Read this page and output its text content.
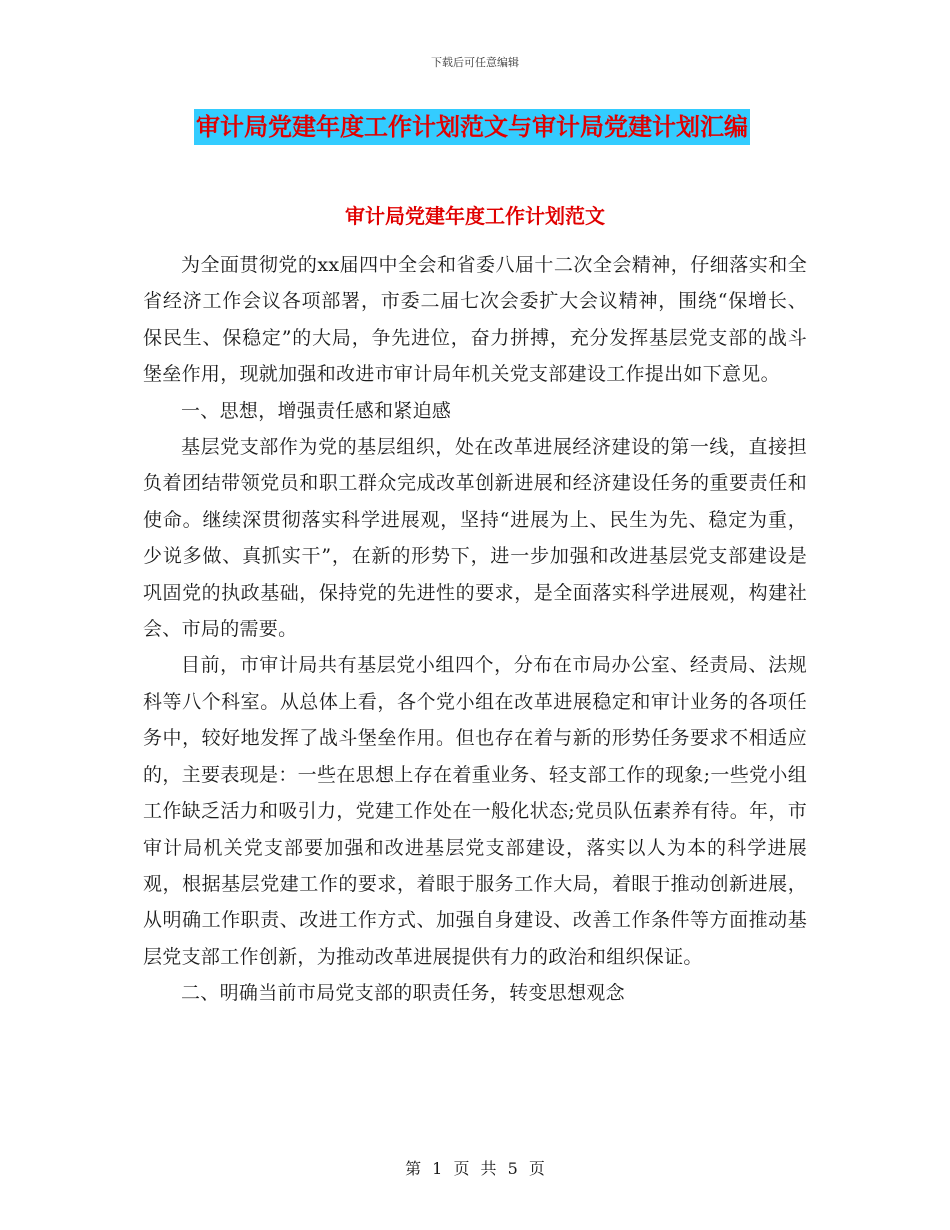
下载后可任意编辑
审计局党建年度工作计划范文与审计局党建计划汇编
审计局党建年度工作计划范文

为全面贯彻党的xx届四中全会和省委八届十二次全会精神，仔细落实和全省经济工作会议各项部署，市委二届七次会委扩大会议精神，围绕“保增长、保民生、保稳定”的大局，争先进位，奋力拼搏，充分发挥基层党支部的战斗堡垒作用，现就加强和改进市审计局年机关党支部建设工作提出如下意见。

一、思想，增强责任感和紧迫感

基层党支部作为党的基层组织，处在改革进展经济建设的第一线，直接担负着团结带领党员和职工群众完成改革创新进展和经济建设任务的重要责任和使命。继续深贯彻落实科学进展观，坚持“进展为上、民生为先、稳定为重，少说多做、真抓实干”，在新的形势下，进一步加强和改进基层党支部建设是巩固党的执政基础，保持党的先进性的要求，是全面落实科学进展观，构建社会、市局的需要。

目前，市审计局共有基层党小组四个，分布在市局办公室、经责局、法规科等八个科室。从总体上看，各个党小组在改革进展稳定和审计业务的各项任务中，较好地发挥了战斗堡垒作用。但也存在着与新的形势任务要求不相适应的，主要表现是：一些在思想上存在着重业务、轻支部工作的现象;一些党小组工作缺乏活力和吸引力，党建工作处在一般化状态;党员队伍素养有待。年，市审计局机关党支部要加强和改进基层党支部建设，落实以人为本的科学进展观，根据基层党建工作的要求，着眼于服务工作大局，着眼于推动创新进展，从明确工作职责、改进工作方式、加强自身建设、改善工作条件等方面推动基层党支部工作创新，为推动改革进展提供有力的政治和组织保证。

二、明确当前市局党支部的职责任务，转变思想观念

第 1 页 共 5 页
